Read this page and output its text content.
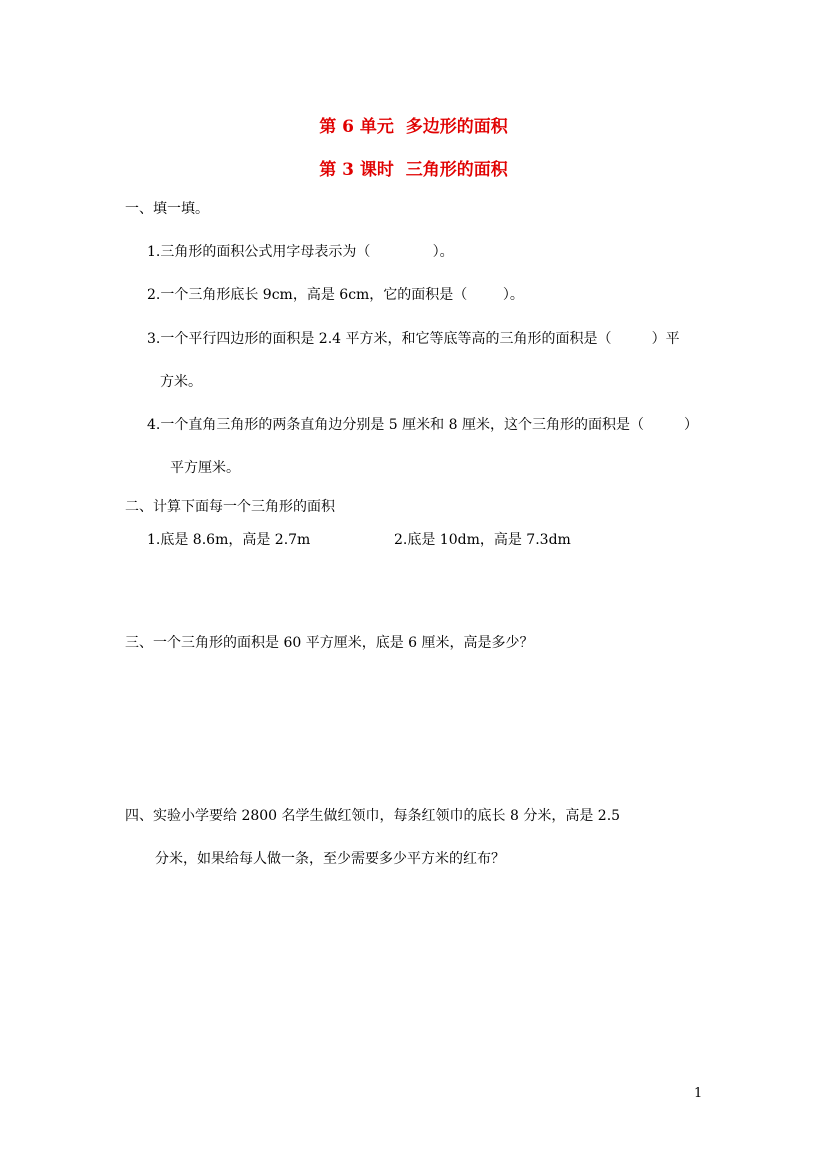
第 6 单元  多边形的面积
第 3 课时  三角形的面积
一、填一填。
1.三角形的面积公式用字母表示为（              ）。
2.一个三角形底长 9cm，高是 6cm，它的面积是（        ）。
3.一个平行四边形的面积是 2.4 平方米，和它等底等高的三角形的面积是（         ）平
方米。
4.一个直角三角形的两条直角边分别是 5 厘米和 8 厘米，这个三角形的面积是（         ）
平方厘米。
二、计算下面每一个三角形的面积
1.底是 8.6m，高是 2.7m	2.底是 10dm，高是 7.3dm
三、一个三角形的面积是 60 平方厘米，底是 6 厘米，高是多少？
四、实验小学要给 2800 名学生做红领巾，每条红领巾的底长 8 分米，高是 2.5
分米，如果给每人做一条，至少需要多少平方米的红布？
1
